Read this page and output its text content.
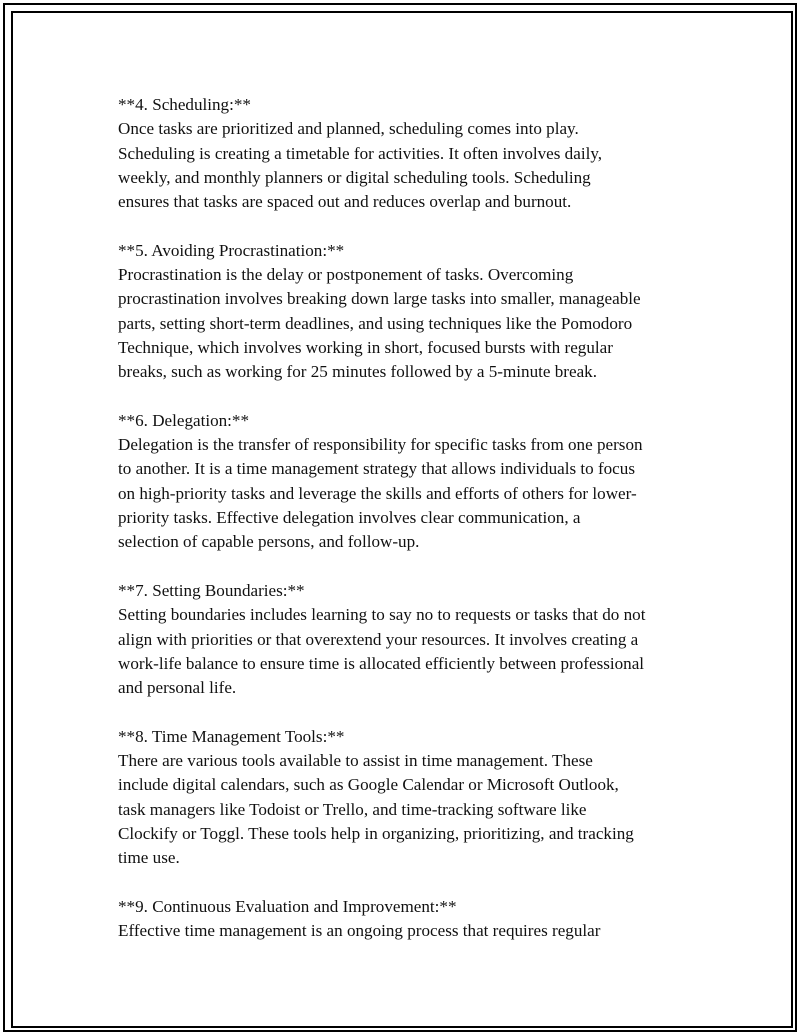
**4. Scheduling:**
Once tasks are prioritized and planned, scheduling comes into play.
Scheduling is creating a timetable for activities. It often involves daily,
weekly, and monthly planners or digital scheduling tools. Scheduling
ensures that tasks are spaced out and reduces overlap and burnout.
**5. Avoiding Procrastination:**
Procrastination is the delay or postponement of tasks. Overcoming
procrastination involves breaking down large tasks into smaller, manageable
parts, setting short-term deadlines, and using techniques like the Pomodoro
Technique, which involves working in short, focused bursts with regular
breaks, such as working for 25 minutes followed by a 5-minute break.
**6. Delegation:**
Delegation is the transfer of responsibility for specific tasks from one person
to another. It is a time management strategy that allows individuals to focus
on high-priority tasks and leverage the skills and efforts of others for lower-
priority tasks. Effective delegation involves clear communication, a
selection of capable persons, and follow-up.
**7. Setting Boundaries:**
Setting boundaries includes learning to say no to requests or tasks that do not
align with priorities or that overextend your resources. It involves creating a
work-life balance to ensure time is allocated efficiently between professional
and personal life.
**8. Time Management Tools:**
There are various tools available to assist in time management. These
include digital calendars, such as Google Calendar or Microsoft Outlook,
task managers like Todoist or Trello, and time-tracking software like
Clockify or Toggl. These tools help in organizing, prioritizing, and tracking
time use.
**9. Continuous Evaluation and Improvement:**
Effective time management is an ongoing process that requires regular
